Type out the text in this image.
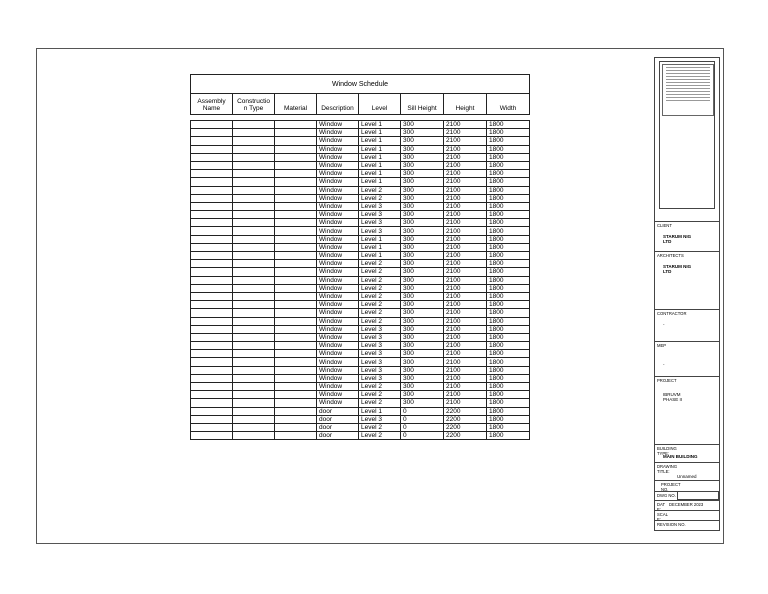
Window Schedule							
Assembly Name	Constructio n Type	Material	Description	Level	Sill Height	Height	Width

			Window	Level 1	300	2100	1800
			Window	Level 1	300	2100	1800
			Window	Level 1	300	2100	1800
			Window	Level 1	300	2100	1800
			Window	Level 1	300	2100	1800
			Window	Level 1	300	2100	1800
			Window	Level 1	300	2100	1800
			Window	Level 1	300	2100	1800
			Window	Level 2	300	2100	1800
			Window	Level 2	300	2100	1800
			Window	Level 3	300	2100	1800
			Window	Level 3	300	2100	1800
			Window	Level 3	300	2100	1800
			Window	Level 3	300	2100	1800
			Window	Level 1	300	2100	1800
			Window	Level 1	300	2100	1800
			Window	Level 1	300	2100	1800
			Window	Level 2	300	2100	1800
			Window	Level 2	300	2100	1800
			Window	Level 2	300	2100	1800
			Window	Level 2	300	2100	1800
			Window	Level 2	300	2100	1800
			Window	Level 2	300	2100	1800
			Window	Level 2	300	2100	1800
			Window	Level 2	300	2100	1800
			Window	Level 3	300	2100	1800
			Window	Level 3	300	2100	1800
			Window	Level 3	300	2100	1800
			Window	Level 3	300	2100	1800
			Window	Level 3	300	2100	1800
			Window	Level 3	300	2100	1800
			Window	Level 3	300	2100	1800
			Window	Level 2	300	2100	1800
			Window	Level 2	300	2100	1800
			Window	Level 2	300	2100	1800
			door	Level 1	0	2200	1800
			door	Level 3	0	2200	1800
			door	Level 2	0	2200	1800
			door	Level 2	0	2200	1800
CLIENT
STARUM NIG LTD
ARCHITECTS
STARUM NIG LTD
CONTRACTOR
-
MEP
-
PROJECT
IBRUVM PHASE II
BUILDING TYPE:
MAIN BUILDING
DRAWING TITLE:
Unnamed
PROJECT NO.
DWG NO.
DAT E:
DECEMBER 2023
SCAL E:
REVISION NO.
